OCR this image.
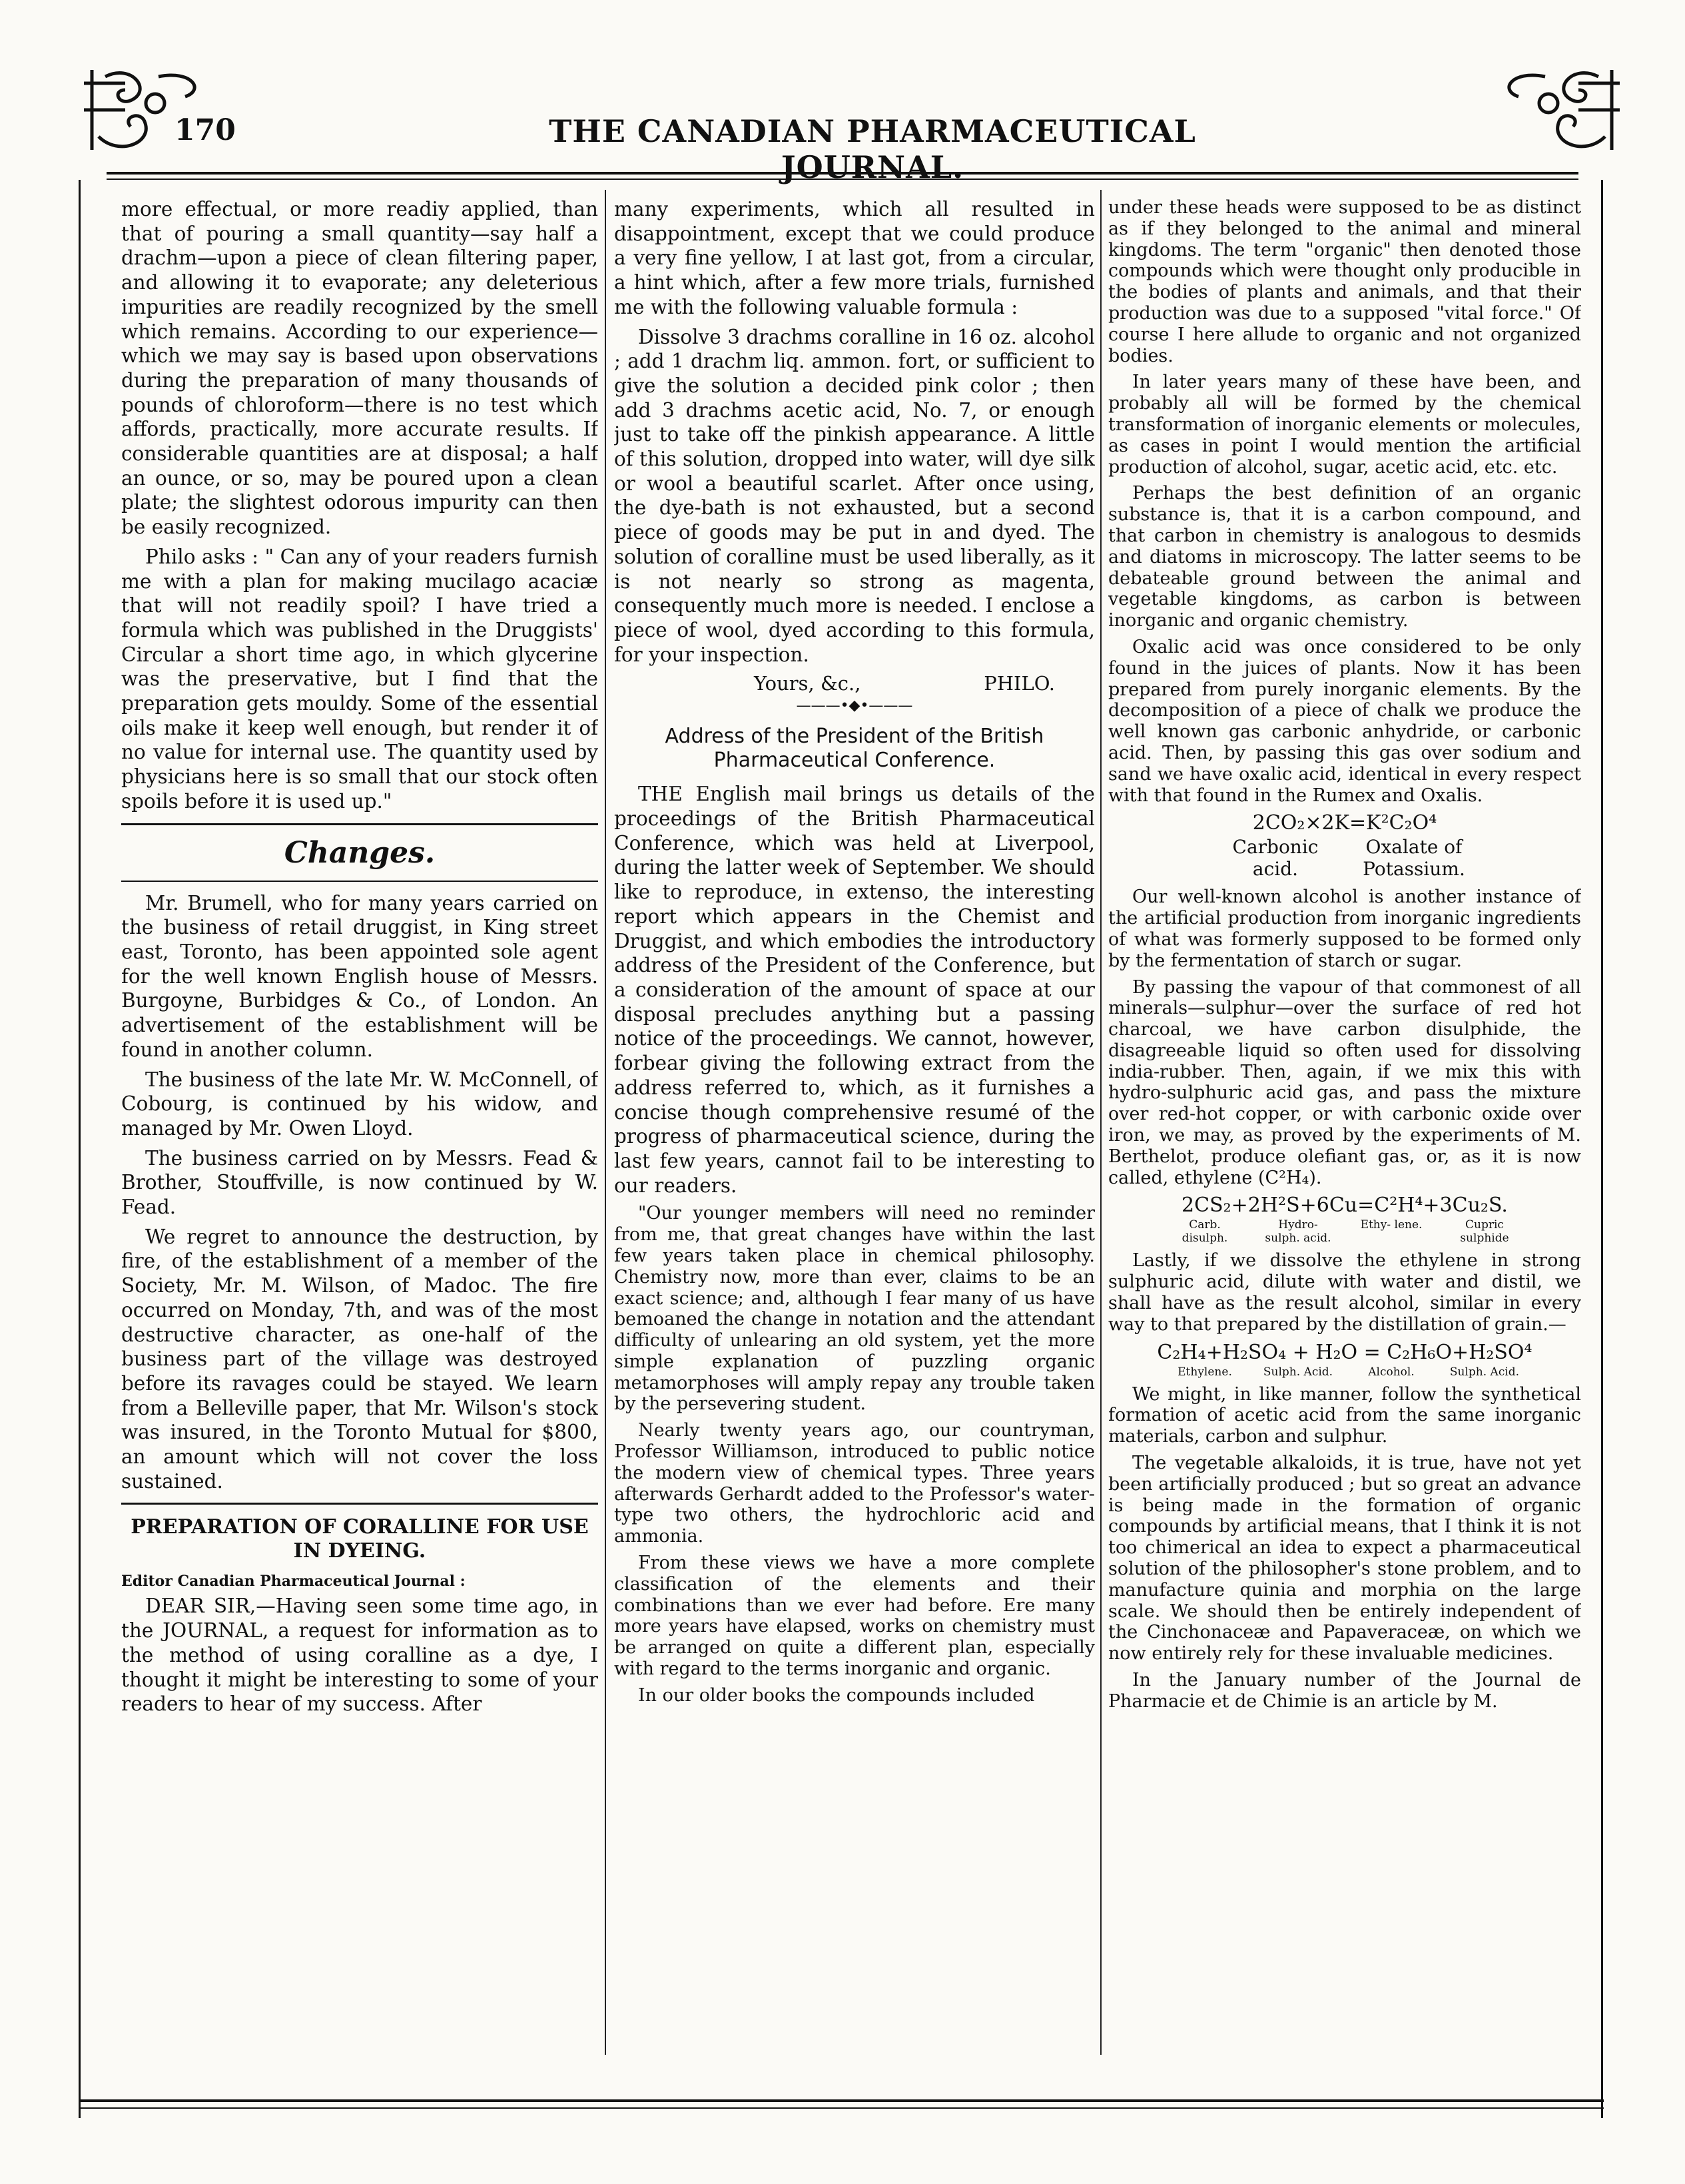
170	THE CANADIAN PHARMACEUTICAL JOURNAL.

more effectual, or more readiy applied, than that of pouring a small quantity—say half a drachm—upon a piece of clean filtering paper, and allowing it to evaporate; any deleterious impurities are readily recognized by the smell which remains. According to our experience—which we may say is based upon observations during the preparation of many thousands of pounds of chloroform—there is no test which affords, practically, more accurate results. If considerable quantities are at disposal; a half an ounce, or so, may be poured upon a clean plate; the slightest odorous impurity can then be easily recognized.

Philo asks : " Can any of your readers furnish me with a plan for making mucilago acaciæ that will not readily spoil? I have tried a formula which was published in the Druggists' Circular a short time ago, in which glycerine was the preservative, but I find that the preparation gets mouldy. Some of the essential oils make it keep well enough, but render it of no value for internal use. The quantity used by physicians here is so small that our stock often spoils before it is used up."

Changes.

Mr. Brumell, who for many years carried on the business of retail druggist, in King street east, Toronto, has been appointed sole agent for the well known English house of Messrs. Burgoyne, Burbidges & Co., of London. An advertisement of the establishment will be found in another column.

The business of the late Mr. W. McConnell, of Cobourg, is continued by his widow, and managed by Mr. Owen Lloyd.

The business carried on by Messrs. Fead & Brother, Stouffville, is now continued by W. Fead.

We regret to announce the destruction, by fire, of the establishment of a member of the Society, Mr. M. Wilson, of Madoc. The fire occurred on Monday, 7th, and was of the most destructive character, as one-half of the business part of the village was destroyed before its ravages could be stayed. We learn from a Belleville paper, that Mr. Wilson's stock was insured, in the Toronto Mutual for $800, an amount which will not cover the loss sustained.

PREPARATION OF CORALLINE FOR USE IN DYEING.
Editor Canadian Pharmaceutical Journal :

DEAR SIR,—Having seen some time ago, in the JOURNAL, a request for information as to the method of using coralline as a dye, I thought it might be interesting to some of your readers to hear of my success. After

many experiments, which all resulted in disappointment, except that we could produce a very fine yellow, I at last got, from a circular, a hint which, after a few more trials, furnished me with the following valuable formula :

Dissolve 3 drachms coralline in 16 oz. alcohol ; add 1 drachm liq. ammon. fort, or sufficient to give the solution a decided pink color ; then add 3 drachms acetic acid, No. 7, or enough just to take off the pinkish appearance. A little of this solution, dropped into water, will dye silk or wool a beautiful scarlet. After once using, the dye-bath is not exhausted, but a second piece of goods may be put in and dyed. The solution of coralline must be used liberally, as it is not nearly so strong as magenta, consequently much more is needed. I enclose a piece of wool, dyed according to this formula, for your inspection.

Yours, &c.,	PHILO.
———•◆•———
Address of the President of the British Pharmaceutical Conference.

THE English mail brings us details of the proceedings of the British Pharmaceutical Conference, which was held at Liverpool, during the latter week of September. We should like to reproduce, in extenso, the interesting report which appears in the Chemist and Druggist, and which embodies the introductory address of the President of the Conference, but a consideration of the amount of space at our disposal precludes anything but a passing notice of the proceedings. We cannot, however, forbear giving the following extract from the address referred to, which, as it furnishes a concise though comprehensive resumé of the progress of pharmaceutical science, during the last few years, cannot fail to be interesting to our readers.

"Our younger members will need no reminder from me, that great changes have within the last few years taken place in chemical philosophy. Chemistry now, more than ever, claims to be an exact science; and, although I fear many of us have bemoaned the change in notation and the attendant difficulty of unlearing an old system, yet the more simple explanation of puzzling organic metamorphoses will amply repay any trouble taken by the persevering student.

Nearly twenty years ago, our countryman, Professor Williamson, introduced to public notice the modern view of chemical types. Three years afterwards Gerhardt added to the Professor's water-type two others, the hydrochloric acid and ammonia.

From these views we have a more complete classification of the elements and their combinations than we ever had before. Ere many more years have elapsed, works on chemistry must be arranged on quite a different plan, especially with regard to the terms inorganic and organic.

In our older books the compounds included

under these heads were supposed to be as distinct as if they belonged to the animal and mineral kingdoms. The term "organic" then denoted those compounds which were thought only producible in the bodies of plants and animals, and that their production was due to a supposed "vital force." Of course I here allude to organic and not organized bodies.

In later years many of these have been, and probably all will be formed by the chemical transformation of inorganic elements or molecules, as cases in point I would mention the artificial production of alcohol, sugar, acetic acid, etc. etc.

Perhaps the best definition of an organic substance is, that it is a carbon compound, and that carbon in chemistry is analogous to desmids and diatoms in microscopy. The latter seems to be debateable ground between the animal and vegetable kingdoms, as carbon is between inorganic and organic chemistry.

Oxalic acid was once considered to be only found in the juices of plants. Now it has been prepared from purely inorganic elements. By the decomposition of a piece of chalk we produce the well known gas carbonic anhydride, or carbonic acid. Then, by passing this gas over sodium and sand we have oxalic acid, identical in every respect with that found in the Rumex and Oxalis.

2CO₂×2K=K²C₂O⁴
Carbonic acid.
Oxalate of Potassium.

Our well-known alcohol is another instance of the artificial production from inorganic ingredients of what was formerly supposed to be formed only by the fermentation of starch or sugar.

By passing the vapour of that commonest of all minerals—sulphur—over the surface of red hot charcoal, we have carbon disulphide, the disagreeable liquid so often used for dissolving india-rubber. Then, again, if we mix this with hydro-sulphuric acid gas, and pass the mixture over red-hot copper, or with carbonic oxide over iron, we may, as proved by the experiments of M. Berthelot, produce olefiant gas, or, as it is now called, ethylene (C²H₄).

2CS₂+2H²S+6Cu=C²H⁴+3Cu₂S.
Carb. disulph.
Hydro- sulph. acid.
Ethy- lene.	Cupric sulphide

Lastly, if we dissolve the ethylene in strong sulphuric acid, dilute with water and distil, we shall have as the result alcohol, similar in every way to that prepared by the distillation of grain.—

C₂H₄+H₂SO₄ + H₂O = C₂H₆O+H₂SO⁴
Ethylene.	Sulph. Acid.	Alcohol.	Sulph. Acid.

We might, in like manner, follow the synthetical formation of acetic acid from the same inorganic materials, carbon and sulphur.

The vegetable alkaloids, it is true, have not yet been artificially produced ; but so great an advance is being made in the formation of organic compounds by artificial means, that I think it is not too chimerical an idea to expect a pharmaceutical solution of the philosopher's stone problem, and to manufacture quinia and morphia on the large scale. We should then be entirely independent of the Cinchonaceæ and Papaveraceæ, on which we now entirely rely for these invaluable medicines.

In the January number of the Journal de Pharmacie et de Chimie is an article by M.
